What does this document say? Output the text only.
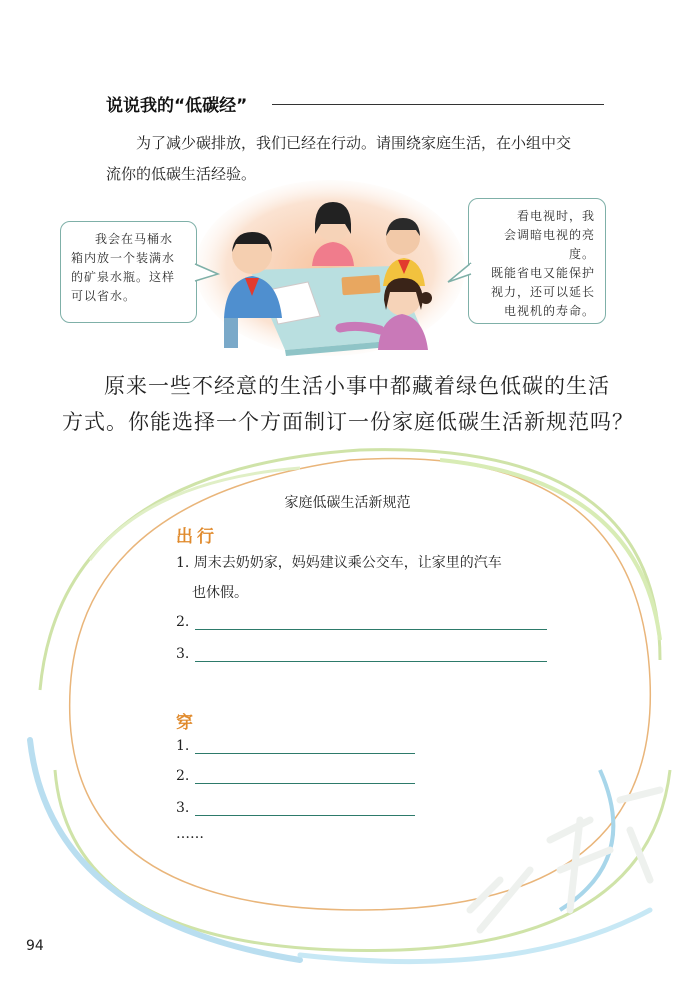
说说我的“低碳经”
为了减少碳排放，我们已经在行动。请围绕家庭生活，在小组中交
流你的低碳生活经验。
我会在马桶水
箱内放一个装满水
的矿泉水瓶。这样
可以省水。
看电视时，我
会调暗电视的亮度。
既能省电又能保护
视力，还可以延长
电视机的寿命。
原来一些不经意的生活小事中都藏着绿色低碳的生活
方式。你能选择一个方面制订一份家庭低碳生活新规范吗？
家庭低碳生活新规范
出行
1. 周末去奶奶家，妈妈建议乘公交车，让家里的汽车
也休假。
2.
3.
穿
1.
2.
3.
……
94
